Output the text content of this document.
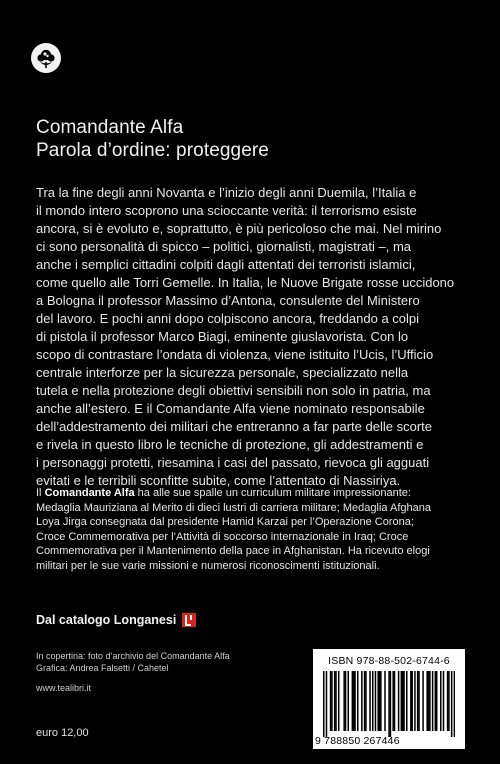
Comandante Alfa
Parola d’ordine: proteggere
Tra la fine degli anni Novanta e l’inizio degli anni Duemila, l’Italia e
il mondo intero scoprono una scioccante verità: il terrorismo esiste
ancora, si è evoluto e, soprattutto, è più pericoloso che mai. Nel mirino
ci sono personalità di spicco – politici, giornalisti, magistrati –, ma
anche i semplici cittadini colpiti dagli attentati dei terroristi islamici,
come quello alle Torri Gemelle. In Italia, le Nuove Brigate rosse uccidono
a Bologna il professor Massimo d’Antona, consulente del Ministero
del lavoro. E pochi anni dopo colpiscono ancora, freddando a colpi
di pistola il professor Marco Biagi, eminente giuslavorista. Con lo
scopo di contrastare l’ondata di violenza, viene istituito l’Ucis, l’Ufficio
centrale interforze per la sicurezza personale, specializzato nella
tutela e nella protezione degli obiettivi sensibili non solo in patria, ma
anche all’estero. E il Comandante Alfa viene nominato responsabile
dell’addestramento dei militari che entreranno a far parte delle scorte
e rivela in questo libro le tecniche di protezione, gli addestramenti e
i personaggi protetti, riesamina i casi del passato, rievoca gli agguati
evitati e le terribili sconfitte subite, come l’attentato di Nassiriya.
Il Comandante Alfa ha alle sue spalle un curriculum militare impressionante:
Medaglia Mauriziana al Merito di dieci lustri di carriera militare; Medaglia Afghana
Loya Jirga consegnata dal presidente Hamid Karzai per l’Operazione Corona;
Croce Commemorativa per l’Attività di soccorso internazionale in Iraq; Croce
Commemorativa per il Mantenimento della pace in Afghanistan. Ha ricevuto elogi
militari per le sue varie missioni e numerosi riconoscimenti istituzionali.
Dal catalogo Longanesi
In copertina: foto d’archivio del Comandante Alfa
Grafica: Andrea Falsetti / Cahetel
www.tealibri.it
euro 12,00
ISBN 978-88-502-6744-6
9 788850 267446
